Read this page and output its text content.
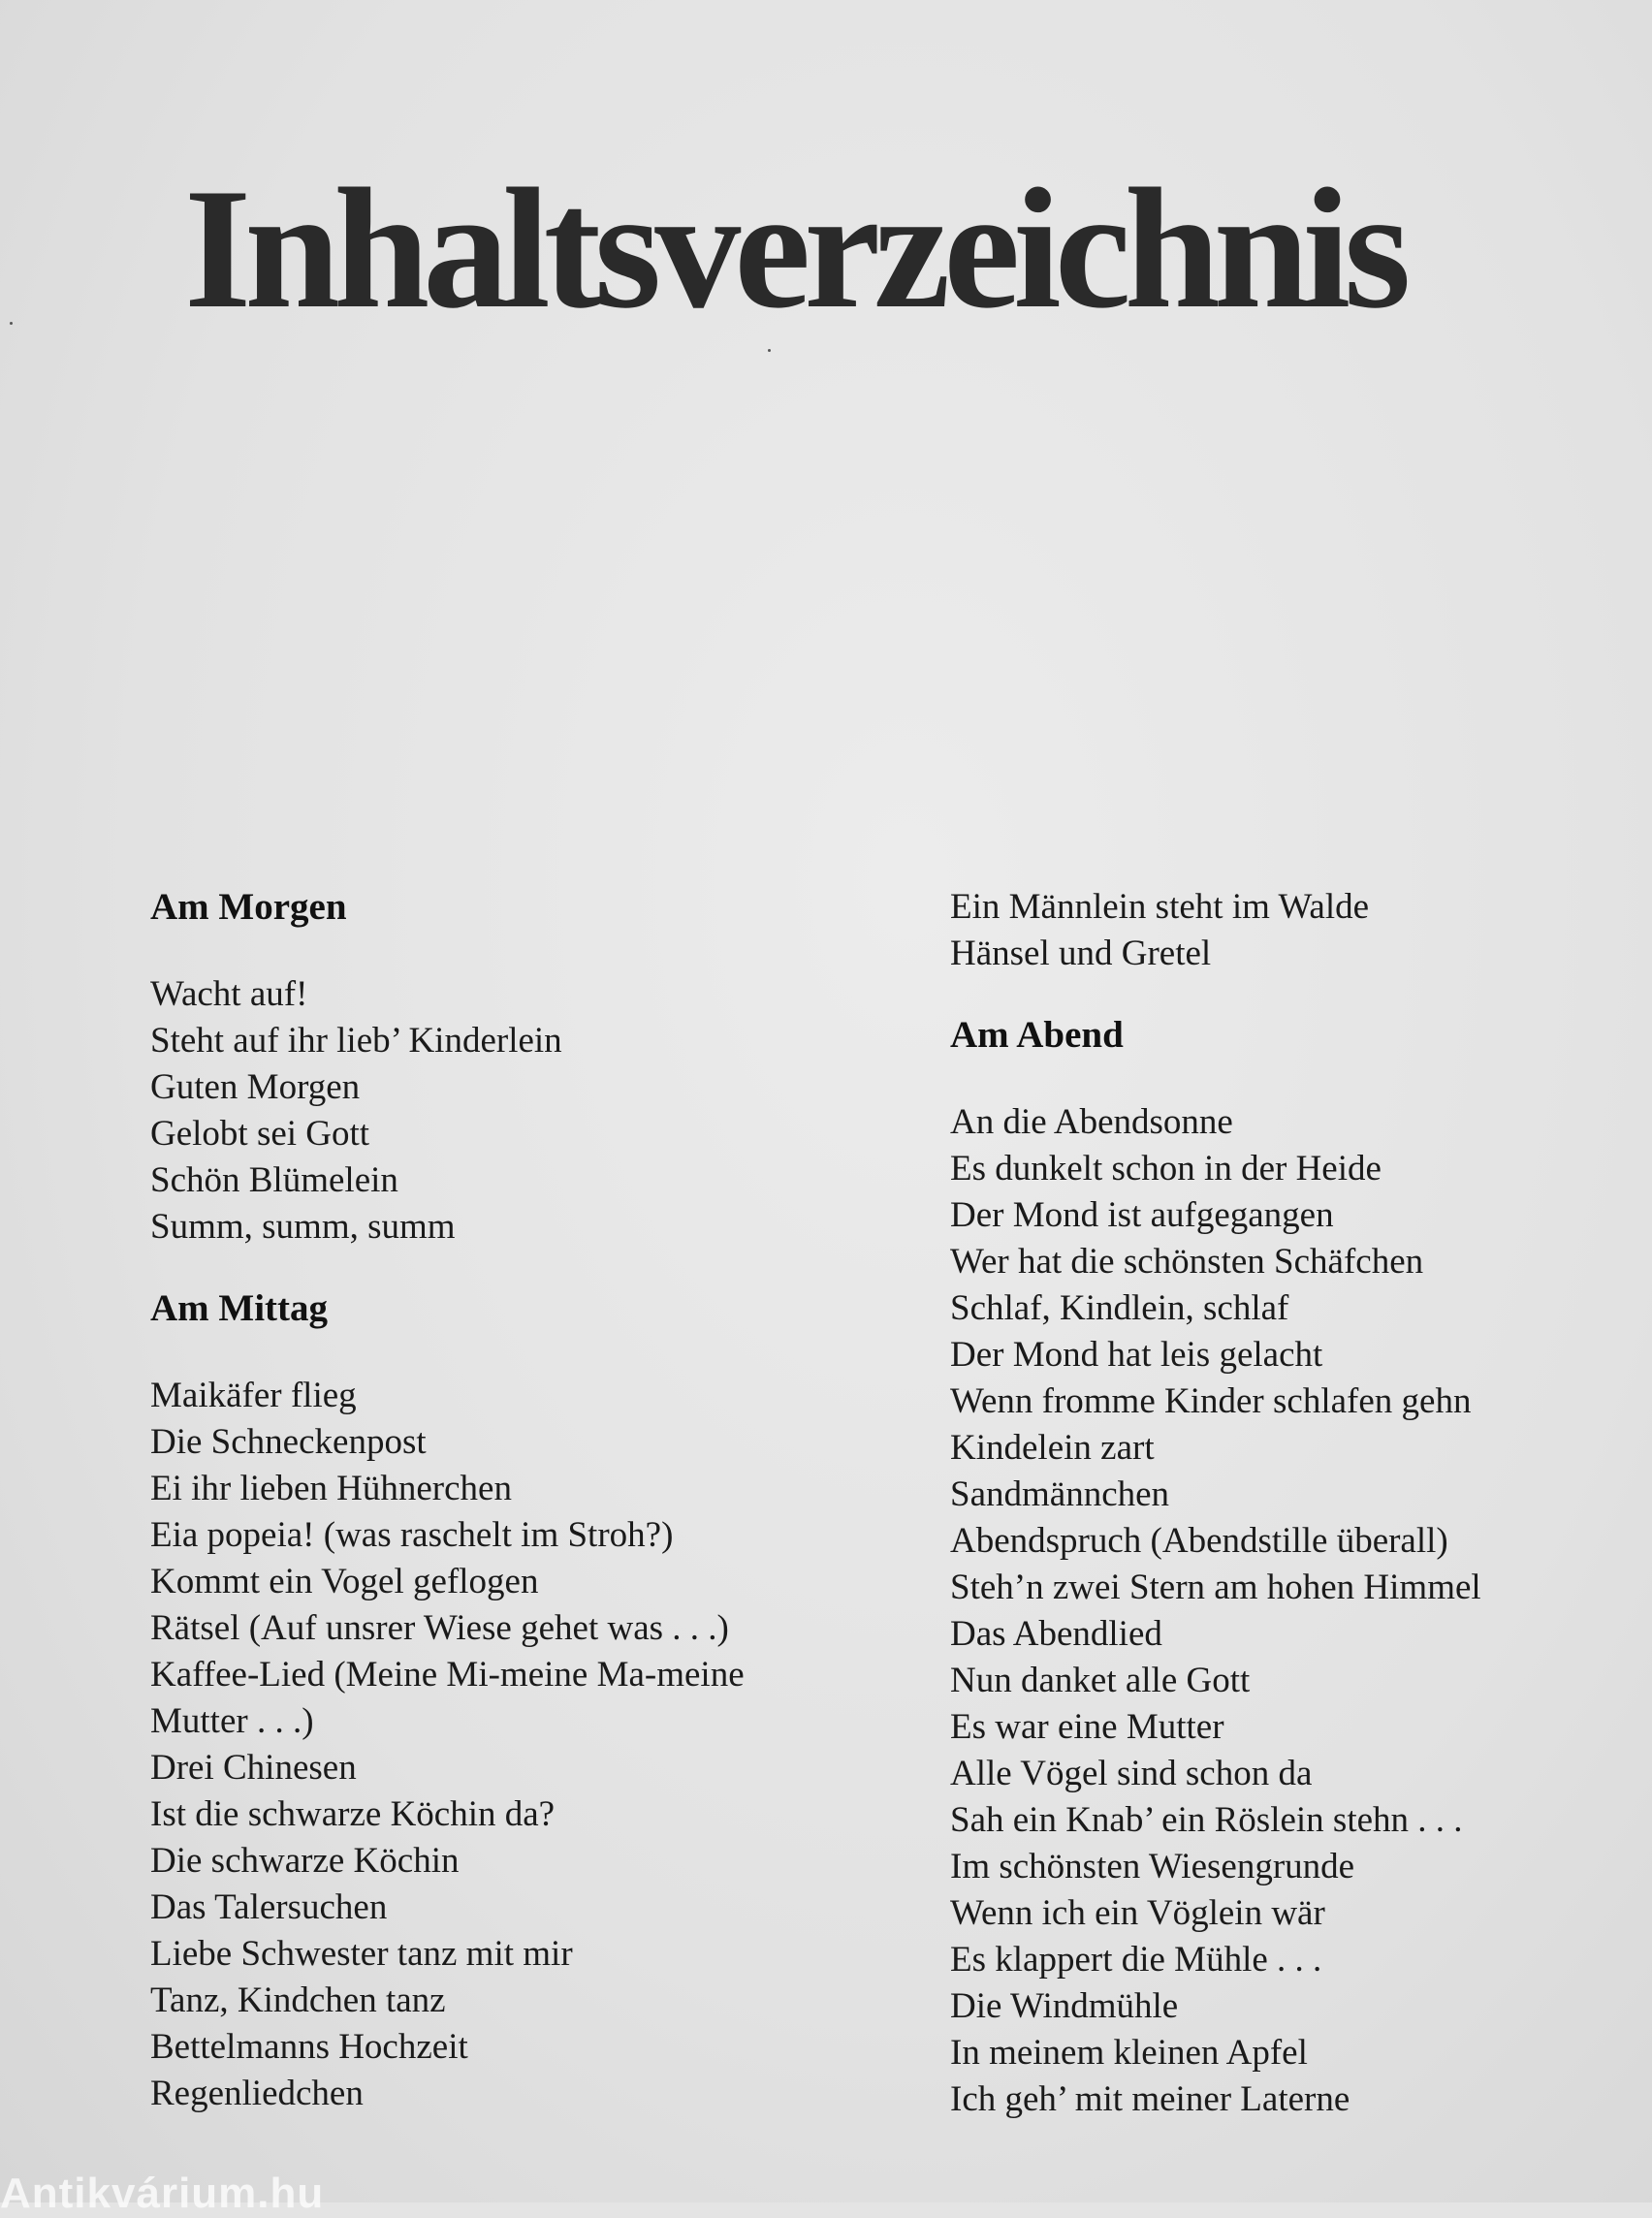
Inhaltsverzeichnis
Am Morgen
Wacht auf!
Steht auf ihr lieb’ Kinderlein
Guten Morgen
Gelobt sei Gott
Schön Blümelein
Summ, summ, summ
Am Mittag
Maikäfer flieg
Die Schneckenpost
Ei ihr lieben Hühnerchen
Eia popeia! (was raschelt im Stroh?)
Kommt ein Vogel geflogen
Rätsel (Auf unsrer Wiese gehet was . . .)
Kaffee-Lied (Meine Mi-meine Ma-meine
Mutter . . .)
Drei Chinesen
Ist die schwarze Köchin da?
Die schwarze Köchin
Das Talersuchen
Liebe Schwester tanz mit mir
Tanz, Kindchen tanz
Bettelmanns Hochzeit
Regenliedchen
Ein Männlein steht im Walde
Hänsel und Gretel
Am Abend
An die Abendsonne
Es dunkelt schon in der Heide
Der Mond ist aufgegangen
Wer hat die schönsten Schäfchen
Schlaf, Kindlein, schlaf
Der Mond hat leis gelacht
Wenn fromme Kinder schlafen gehn
Kindelein zart
Sandmännchen
Abendspruch (Abendstille überall)
Steh’n zwei Stern am hohen Himmel
Das Abendlied
Nun danket alle Gott
Es war eine Mutter
Alle Vögel sind schon da
Sah ein Knab’ ein Röslein stehn . . .
Im schönsten Wiesengrunde
Wenn ich ein Vöglein wär
Es klappert die Mühle . . .
Die Windmühle
In meinem kleinen Apfel
Ich geh’ mit meiner Laterne
Antikvárium.hu
